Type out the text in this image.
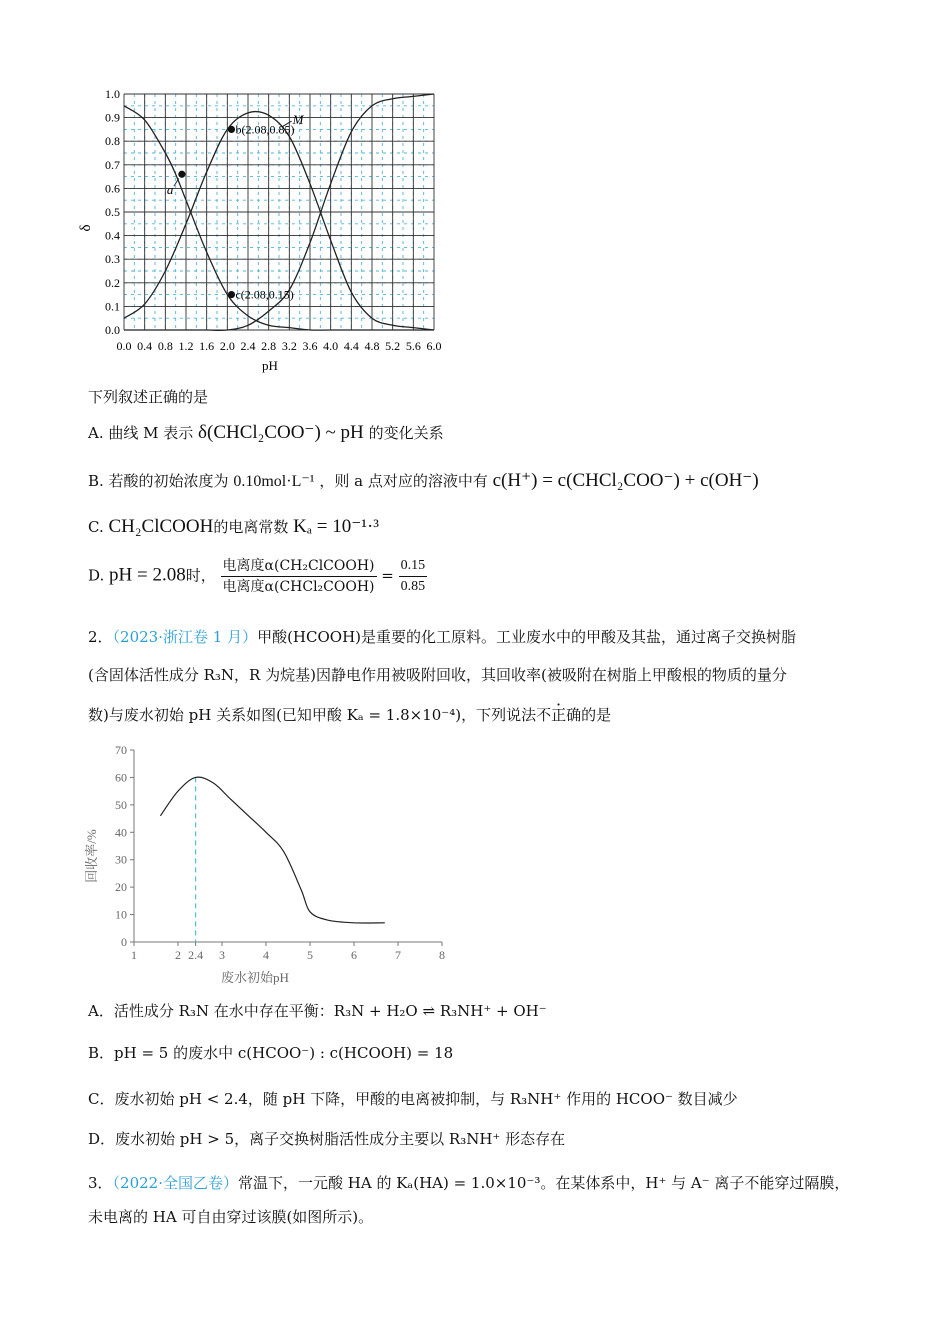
0.0 0.4 0.8 1.2 1.6 2.0 2.4 2.8 3.2 3.6 4.0 4.4 4.8 5.2 5.6 6.0
0.0
0.1
0.2
0.3
0.4
0.5
0.6
0.7
0.8
0.9
1.0
M
a
b(2.08,0.85)
c(2.08,0.15)
pH
δ
下列叙述正确的是
A. 曲线 M 表示 δ(CHCl₂COO⁻) ~ pH 的变化关系
B. 若酸的初始浓度为 0.10mol·L⁻¹ ，则 a 点对应的溶液中有 c(H⁺) = c(CHCl₂COO⁻) + c(OH⁻)
C. CH₂ClCOOH的电离常数 Kₐ = 10⁻¹·³
D. pH = 2.08时， $\frac{\text{电离度α(CH₂ClCOOH)}}{\text{电离度α(CHCl₂COOH)}} = \frac{0.15}{0.85}$
2．（2023·浙江卷 1 月）甲酸(HCOOH)是重要的化工原料。工业废水中的甲酸及其盐，通过离子交换树脂
(含固体活性成分 R₃N，R 为烷基)因静电作用被吸附回收，其回收率(被吸附在树脂上甲酸根的物质的量分
数)与废水初始 pH 关系如图(已知甲酸 Kₐ = 1.8×10⁻⁴)，下列说法不正确的是
1	2 2.4 3	4	5	6	7	8
0
10
20
30
40
50
60
70
废水初始pH
回收率/%
A．活性成分 R₃N 在水中存在平衡：R₃N + H₂O ⇌ R₃NH⁺ + OH⁻
B．pH = 5 的废水中 c(HCOO⁻) : c(HCOOH) = 18
C．废水初始 pH < 2.4，随 pH 下降，甲酸的电离被抑制，与 R₃NH⁺ 作用的 HCOO⁻ 数目减少
D．废水初始 pH > 5，离子交换树脂活性成分主要以 R₃NH⁺ 形态存在
3．（2022·全国乙卷）常温下，一元酸 HA 的 Kₐ(HA) = 1.0×10⁻³。在某体系中，H⁺ 与 A⁻ 离子不能穿过隔膜，
未电离的 HA 可自由穿过该膜(如图所示)。
